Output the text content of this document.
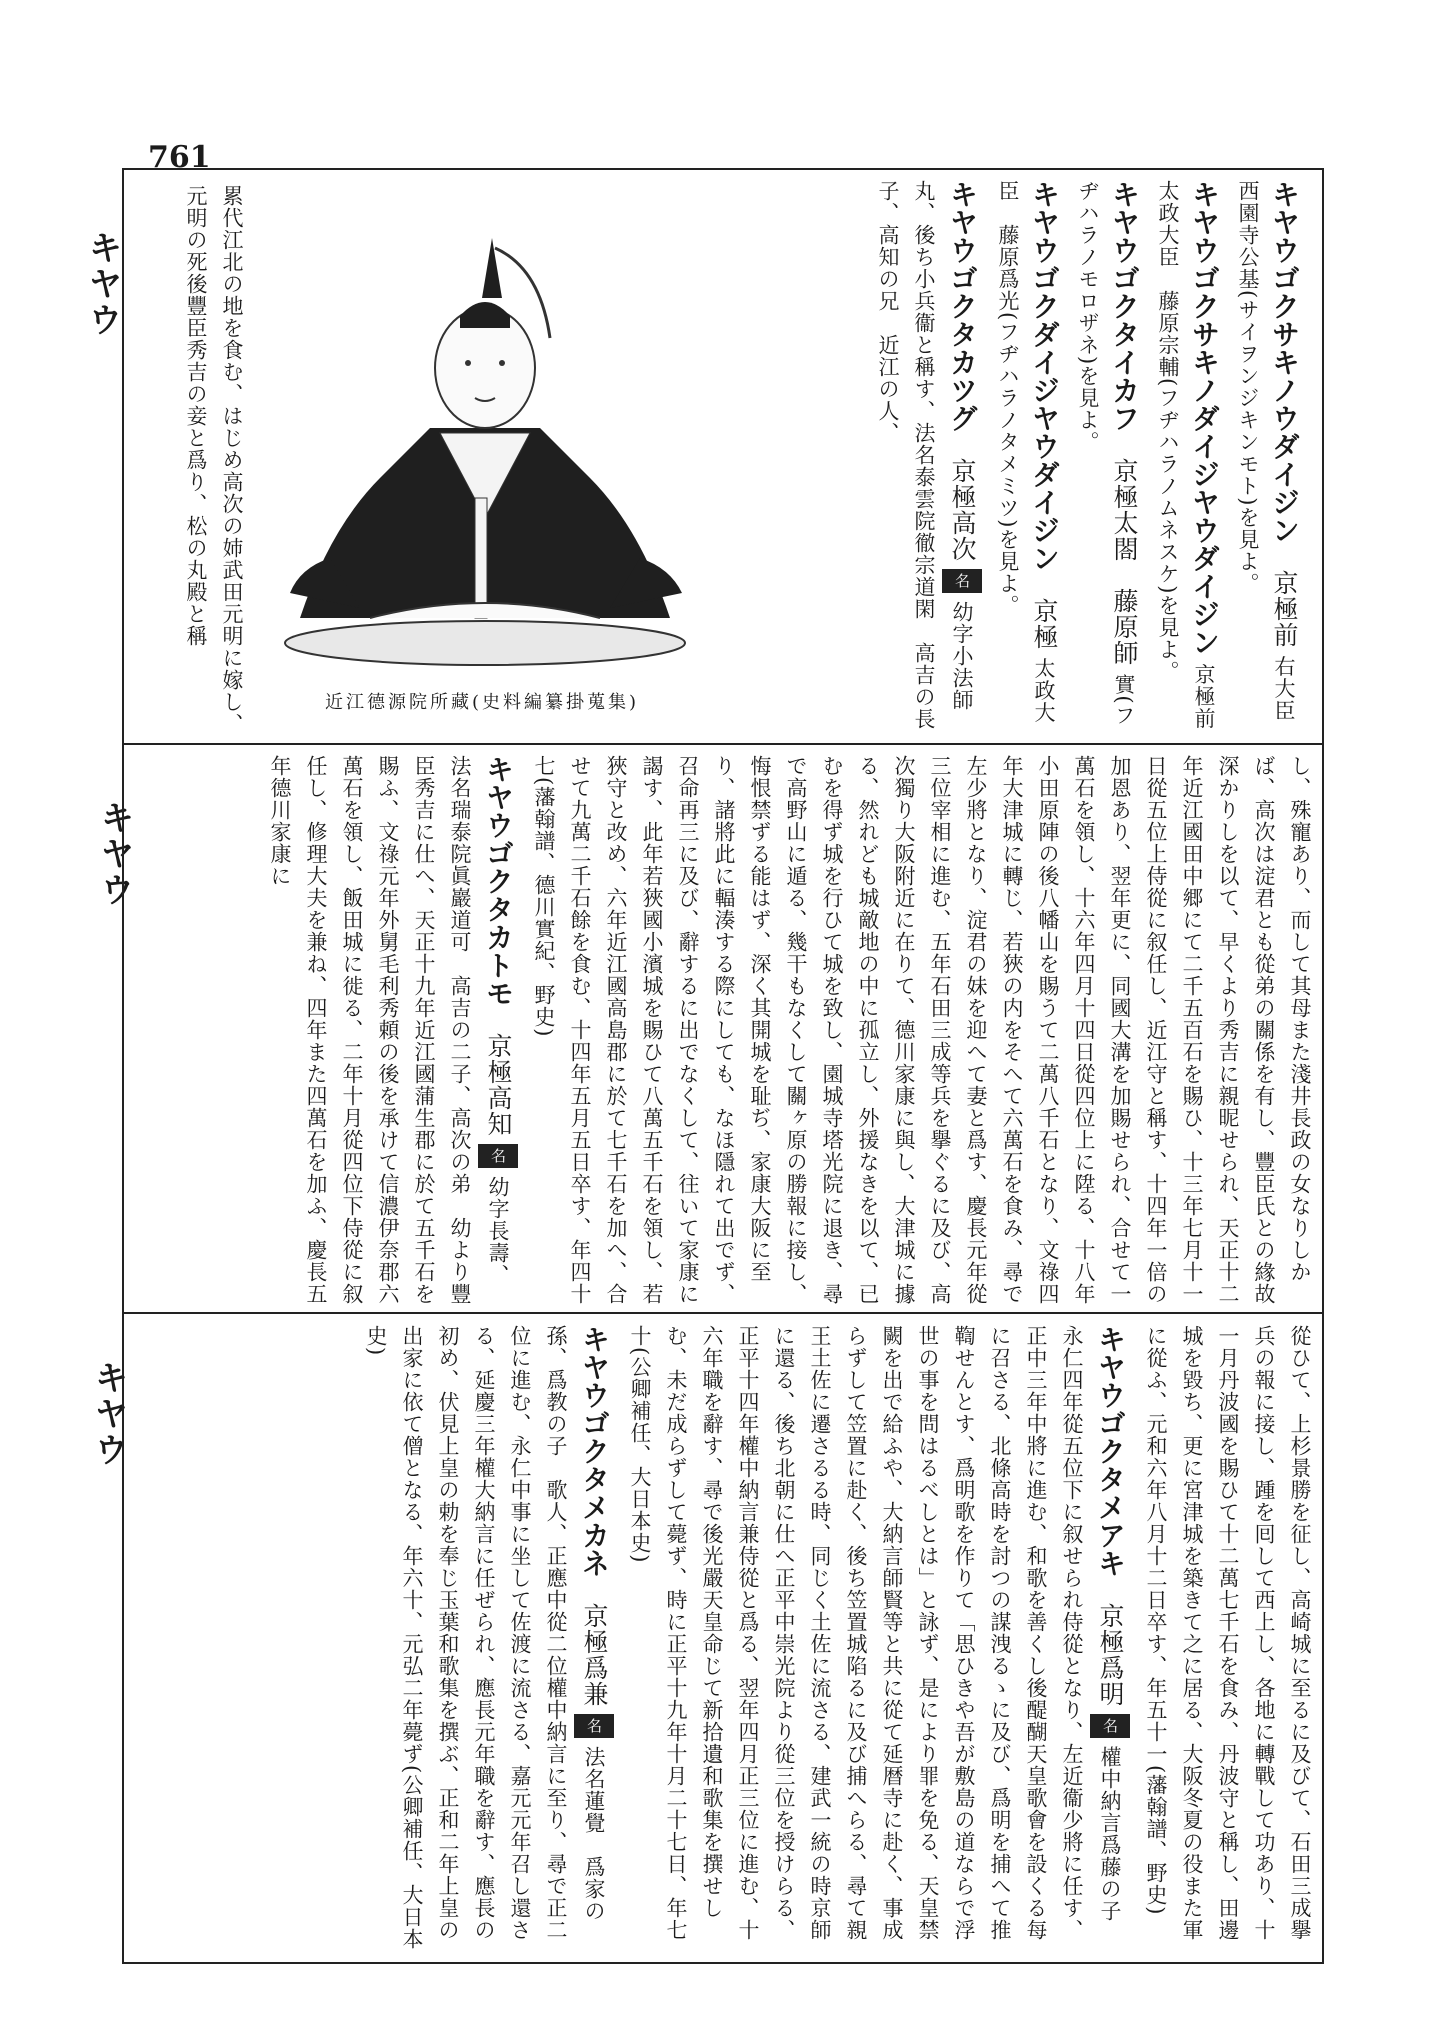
761
キヤウ
キヤウ
キヤウ

キヤウゴクサキノウダイジン 京極前 右大臣　西園寺公基(サイヲンジキンモト)を見よ。

キヤウゴクサキノダイジヤウダイジン 京極前太政大臣　藤原宗輔(フヂハラノムネスケ)を見よ。

キヤウゴクタイカフ 京極太閤　藤原師 實(フヂハラノモロザネ)を見よ。

キヤウゴクダイジヤウダイジン 京極 太政大臣　藤原爲光(フヂハラノタメミツ)を見よ。

キヤウゴクタカツグ 京極高次 名 幼字小法師丸、後ち小兵衞と稱す、法名泰雲院徹宗道閑　高吉の長子、高知の兄　近江の人、

累代江北の地を食む、はじめ高次の姉武田元明に嫁し、元明の死後豐臣秀吉の妾と爲り、松の丸殿と稱

近江德源院所藏(史料編纂掛蒐集)

し、殊寵あり、而して其母また淺井長政の女なりしかば、高次は淀君とも從弟の關係を有し、豐臣氏との緣故深かりしを以て、早くより秀吉に親昵せられ、天正十二年近江國田中郷にて二千五百石を賜ひ、十三年七月十一日從五位上侍從に叙任し、近江守と稱す、十四年一倍の加恩あり、翌年更に、同國大溝を加賜せられ、合せて一萬石を領し、十六年四月十四日從四位上に陞る、十八年小田原陣の後八幡山を賜うて二萬八千石となり、文祿四年大津城に轉じ、若狹の内をそへて六萬石を食み、尋で左少將となり、淀君の妹を迎へて妻と爲す、慶長元年從三位宰相に進む、五年石田三成等兵を擧ぐるに及び、高次獨り大阪附近に在りて、德川家康に與し、大津城に據る、然れども城敵地の中に孤立し、外援なきを以て、已むを得ず城を行ひて城を致し、園城寺塔光院に退き、尋で高野山に遁る、幾干もなくして關ヶ原の勝報に接し、悔恨禁ずる能はず、深く其開城を耻ぢ、家康大阪に至り、諸將此に輻湊する際にしても、なほ隱れて出でず、召命再三に及び、辭するに出でなくして、往いて家康に謁す、此年若狹國小濱城を賜ひて八萬五千石を領し、若狹守と改め、六年近江國高島郡に於て七千石を加へ、合せて九萬二千石餘を食む、十四年五月五日卒す、年四十七(藩翰譜、德川實紀、野史)

キヤウゴクタカトモ 京極高知 名 幼字長壽、法名瑞泰院眞巖道可　高吉の二子、高次の弟　幼より豐臣秀吉に仕へ、天正十九年近江國蒲生郡に於て五千石を賜ふ、文祿元年外舅毛利秀頼の後を承けて信濃伊奈郡六萬石を領し、飯田城に徙る、二年十月從四位下侍從に叙任し、修理大夫を兼ね、四年また四萬石を加ふ、慶長五年德川家康に

從ひて、上杉景勝を征し、高崎城に至るに及びて、石田三成擧兵の報に接し、踵を囘して西上し、各地に轉戰して功あり、十一月丹波國を賜ひて十二萬七千石を食み、丹波守と稱し、田邊城を毀ち、更に宮津城を築きて之に居る、大阪冬夏の役また軍に從ふ、元和六年八月十二日卒す、年五十一(藩翰譜、野史)

キヤウゴクタメアキ 京極爲明 名 權中納言爲藤の子　永仁四年從五位下に叙せられ侍從となり、左近衞少將に任す、正中三年中將に進む、和歌を善くし後醍醐天皇歌會を設くる每に召さる、北條高時を討つの謀洩るゝに及び、爲明を捕へて推鞫せんとす、爲明歌を作りて「思ひきや吾が敷島の道ならで浮世の事を問はるべしとは」と詠ず、是により罪を免る、天皇禁闕を出で給ふや、大納言師賢等と共に從て延暦寺に赴く、事成らずして笠置に赴く、後ち笠置城陷るに及び捕へらる、尋て親王土佐に遷さるる時、同じく土佐に流さる、建武一統の時京師に還る、後ち北朝に仕へ正平中崇光院より從三位を授けらる、正平十四年權中納言兼侍從と爲る、翌年四月正三位に進む、十六年職を辭す、尋で後光嚴天皇命じて新拾遺和歌集を撰せしむ、未だ成らずして薨ず、時に正平十九年十月二十七日、年七十(公卿補任、大日本史)

キヤウゴクタメカネ 京極爲兼 名 法名蓮覺　爲家の孫、爲教の子　歌人、正應中從二位權中納言に至り、尋で正二位に進む、永仁中事に坐して佐渡に流さる、嘉元元年召し還さる、延慶三年權大納言に任ぜられ、應長元年職を辭す、應長の初め、伏見上皇の勅を奉じ玉葉和歌集を撰ぶ、正和二年上皇の出家に依て僧となる、年六十、元弘二年薨ず(公卿補任、大日本史)
